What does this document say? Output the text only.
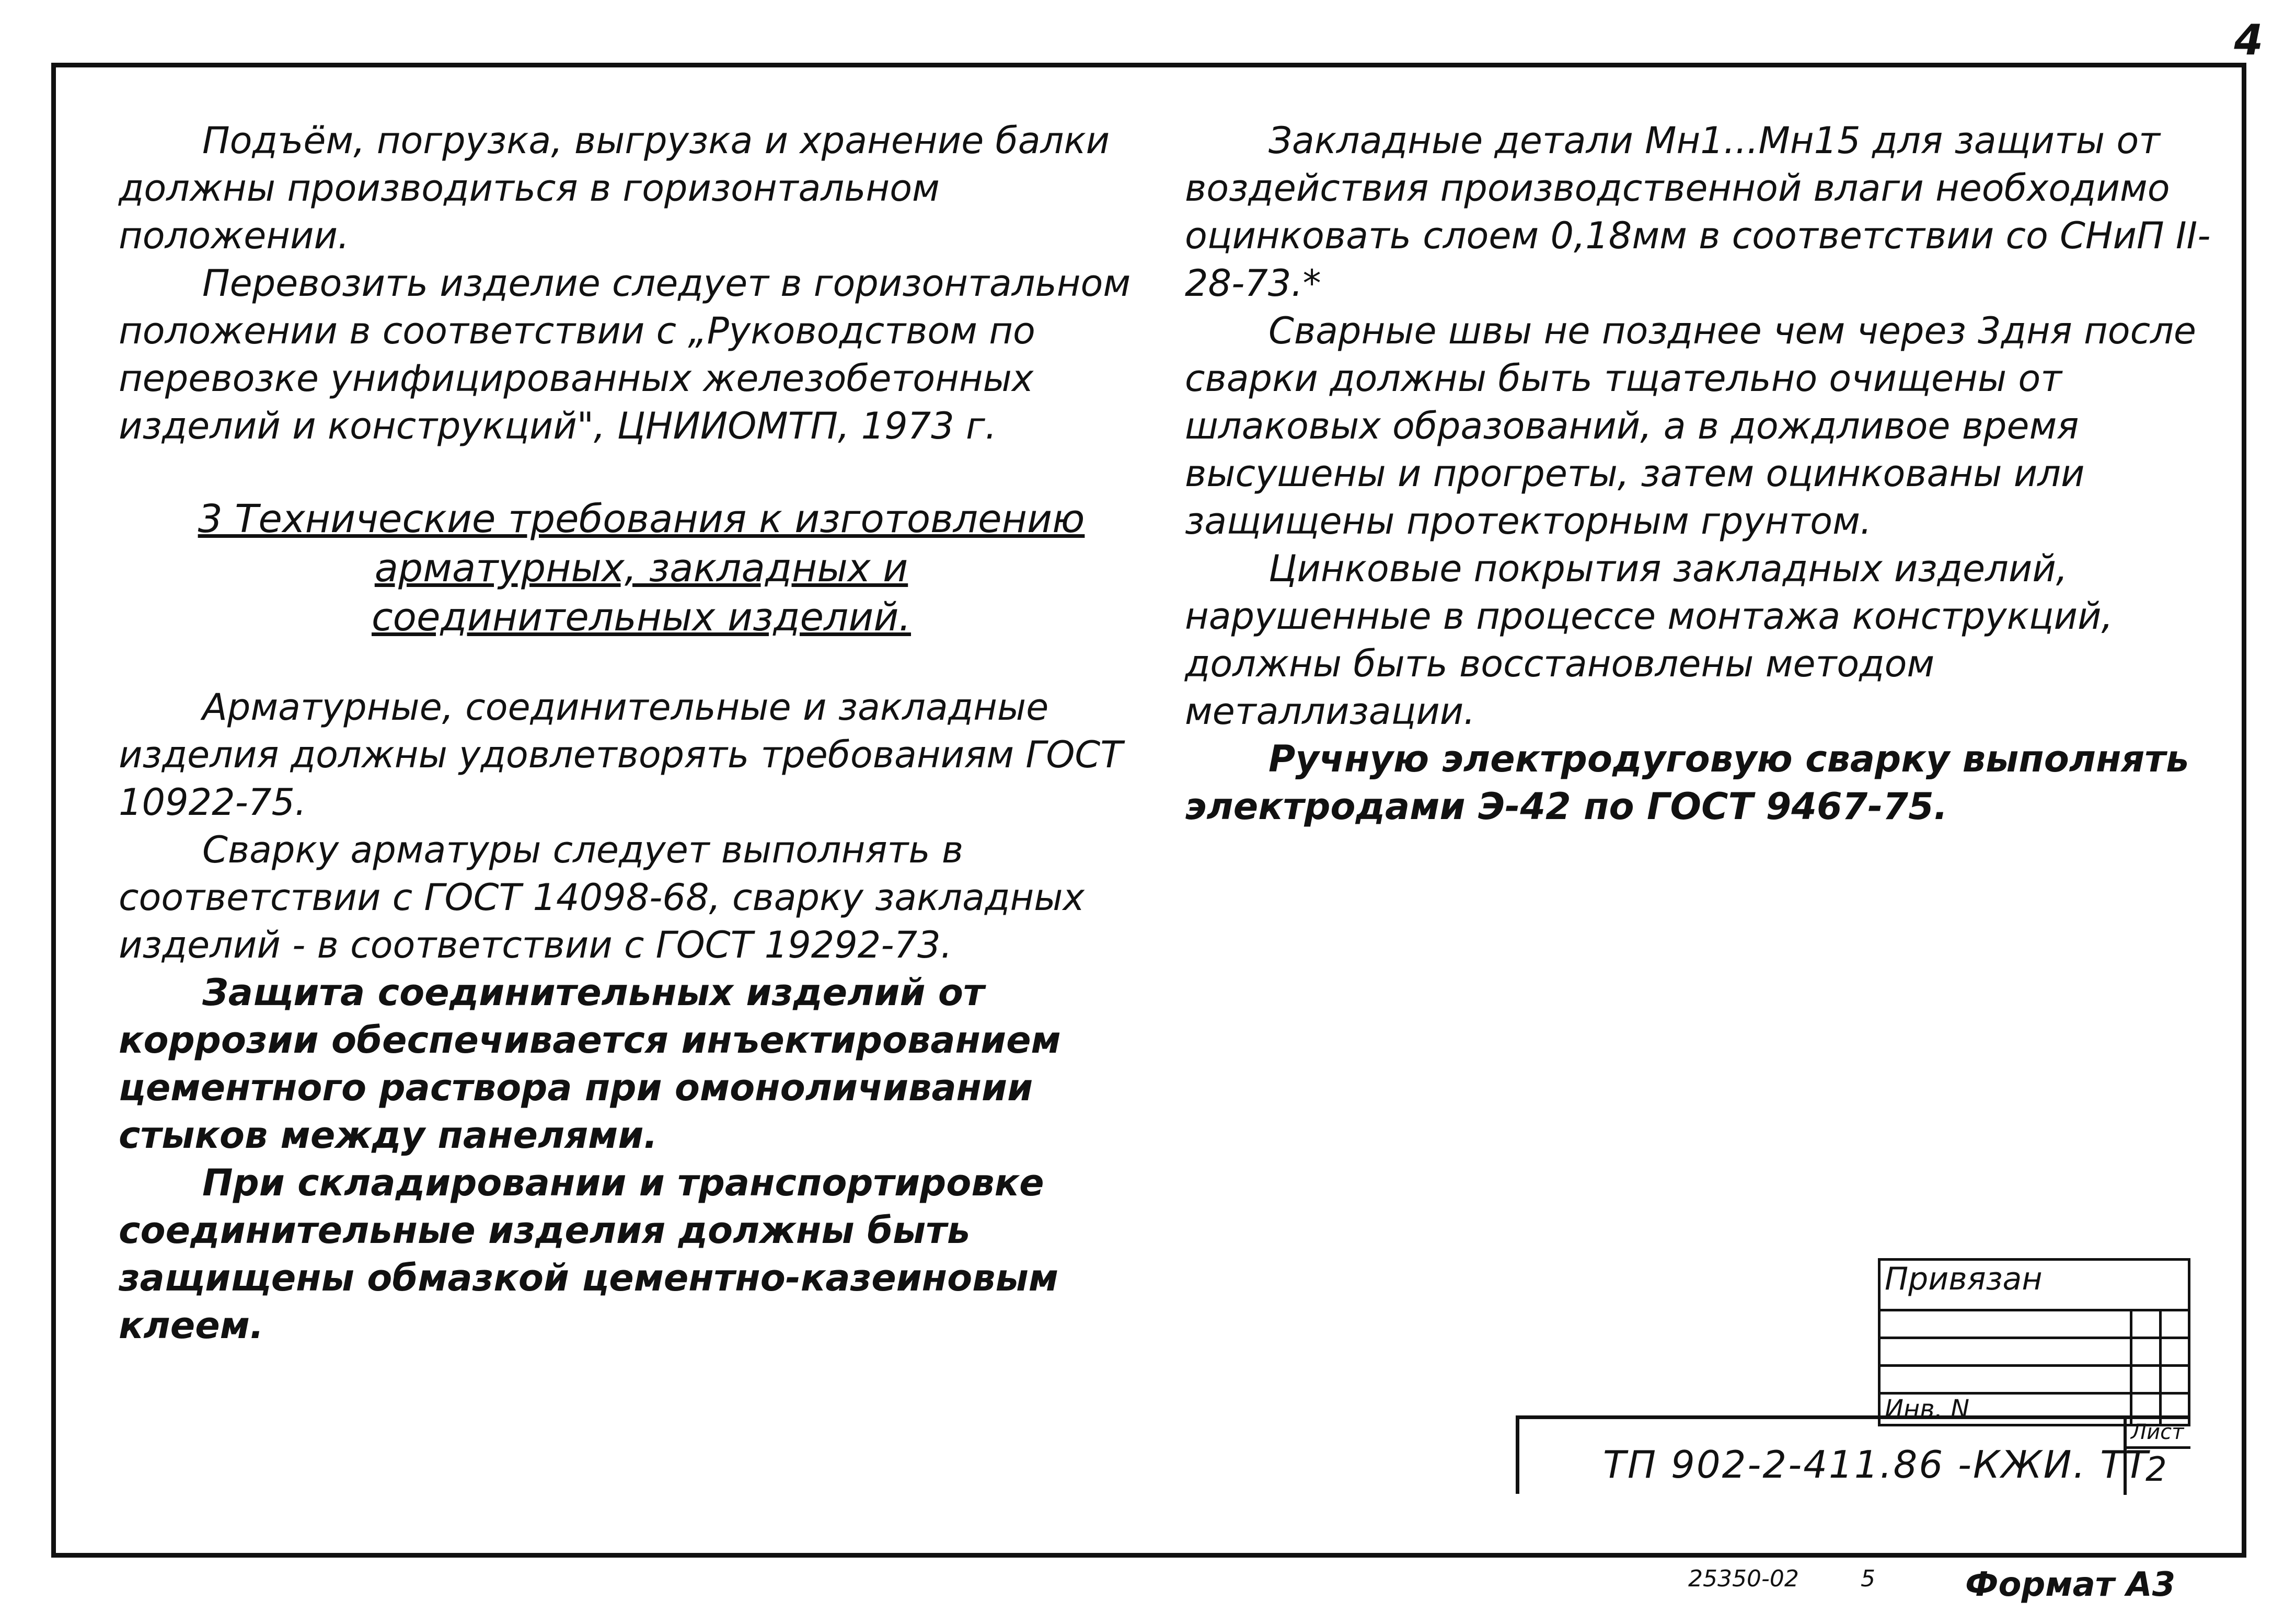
4

Подъём, погрузка, выгрузка и хранение балки должны производиться в горизонтальном положении.

Перевозить изделие следует в горизонтальном положении в соответствии с „Руководством по перевозке унифицированных железобетонных изделий и конструкций", ЦНИИОМТП, 1973 г.

3 Технические требования к изготовлению
арматурных, закладных и
соединительных изделий.

Арматурные, соединительные и закладные изделия должны удовлетворять требованиям ГОСТ 10922-75.

Сварку арматуры следует выполнять в соответствии с ГОСТ 14098-68, сварку закладных изделий - в соответствии с ГОСТ 19292-73.

Защита соединительных изделий от коррозии обеспечивается инъектированием цементного раствора при омоноличивании стыков между панелями.

При складировании и транспортировке соединительные изделия должны быть защищены обмазкой цементно-казеиновым клеем.

Закладные детали Мн1...Мн15 для защиты от воздействия производственной влаги необходимо оцинковать слоем 0,18мм в соответствии со СНиП II-28-73.*

Сварные швы не позднее чем через 3дня после сварки должны быть тщательно очищены от шлаковых образований, а в дождливое время высушены и прогреты, затем оцинкованы или защищены протекторным грунтом.

Цинковые покрытия закладных изделий, нарушенные в процессе монтажа конструкций, должны быть восстановлены методом металлизации.

Ручную электродуговую сварку выполнять электродами Э-42 по ГОСТ 9467-75.

Привязан		

Инв. N		
ТП 902-2-411.86 -КЖИ. ТТ
Лист
2
25350-02	5	Формат А3
